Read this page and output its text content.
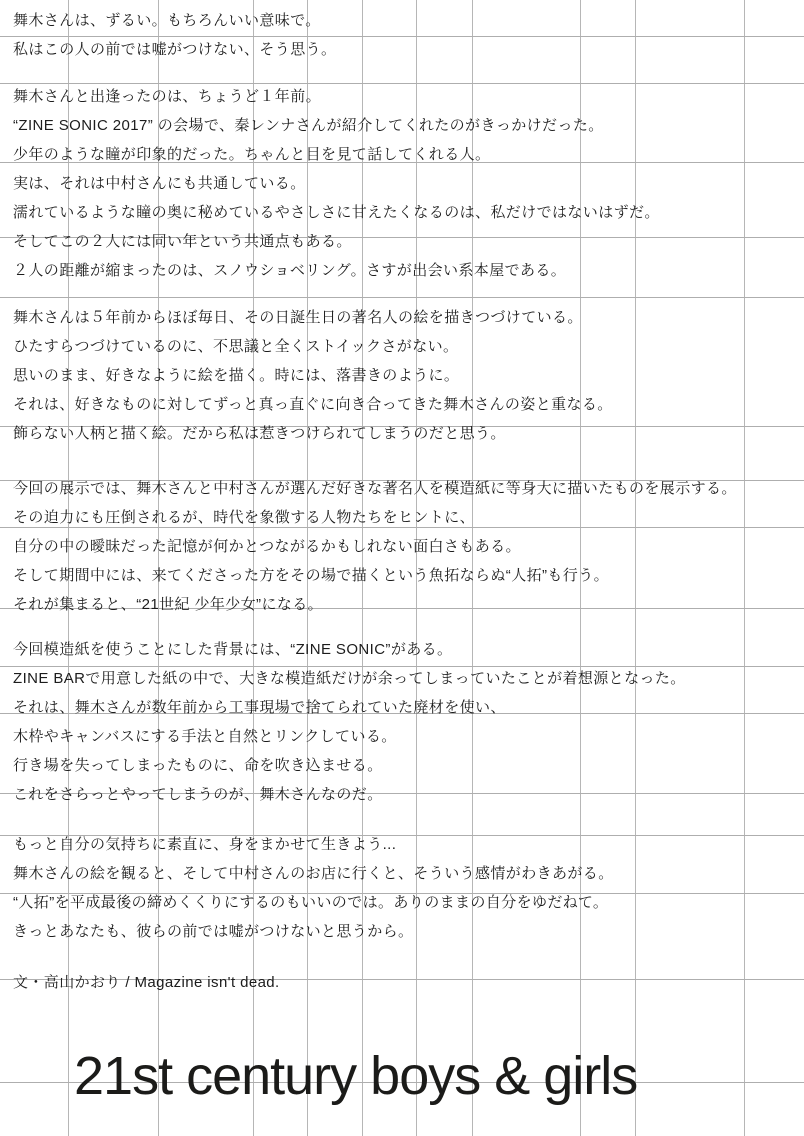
舞木さんは、ずるい。もちろんいい意味で。
私はこの人の前では嘘がつけない、そう思う。
舞木さんと出逢ったのは、ちょうど１年前。
“ZINE SONIC 2017” の会場で、秦レンナさんが紹介してくれたのがきっかけだった。
少年のような瞳が印象的だった。ちゃんと目を見て話してくれる人。
実は、それは中村さんにも共通している。
濡れているような瞳の奥に秘めているやさしさに甘えたくなるのは、私だけではないはずだ。
そしてこの２人には同い年という共通点もある。
２人の距離が縮まったのは、スノウショベリング。さすが出会い系本屋である。
舞木さんは５年前からほぼ毎日、その日誕生日の著名人の絵を描きつづけている。
ひたすらつづけているのに、不思議と全くストイックさがない。
思いのまま、好きなように絵を描く。時には、落書きのように。
それは、好きなものに対してずっと真っ直ぐに向き合ってきた舞木さんの姿と重なる。
飾らない人柄と描く絵。だから私は惹きつけられてしまうのだと思う。
今回の展示では、舞木さんと中村さんが選んだ好きな著名人を模造紙に等身大に描いたものを展示する。
その迫力にも圧倒されるが、時代を象徴する人物たちをヒントに、
自分の中の曖昧だった記憶が何かとつながるかもしれない面白さもある。
そして期間中には、来てくださった方をその場で描くという魚拓ならぬ“人拓”も行う。
それが集まると、“21世紀 少年少女”になる。
今回模造紙を使うことにした背景には、“ZINE SONIC”がある。
ZINE BARで用意した紙の中で、大きな模造紙だけが余ってしまっていたことが着想源となった。
それは、舞木さんが数年前から工事現場で捨てられていた廃材を使い、
木枠やキャンバスにする手法と自然とリンクしている。
行き場を失ってしまったものに、命を吹き込ませる。
これをさらっとやってしまうのが、舞木さんなのだ。
もっと自分の気持ちに素直に、身をまかせて生きよう...
舞木さんの絵を観ると、そして中村さんのお店に行くと、そういう感情がわきあがる。
“人拓”を平成最後の締めくくりにするのもいいのでは。ありのままの自分をゆだねて。
きっとあなたも、彼らの前では嘘がつけないと思うから。
文・高山かおり / Magazine isn't dead.
21st century boys & girls
